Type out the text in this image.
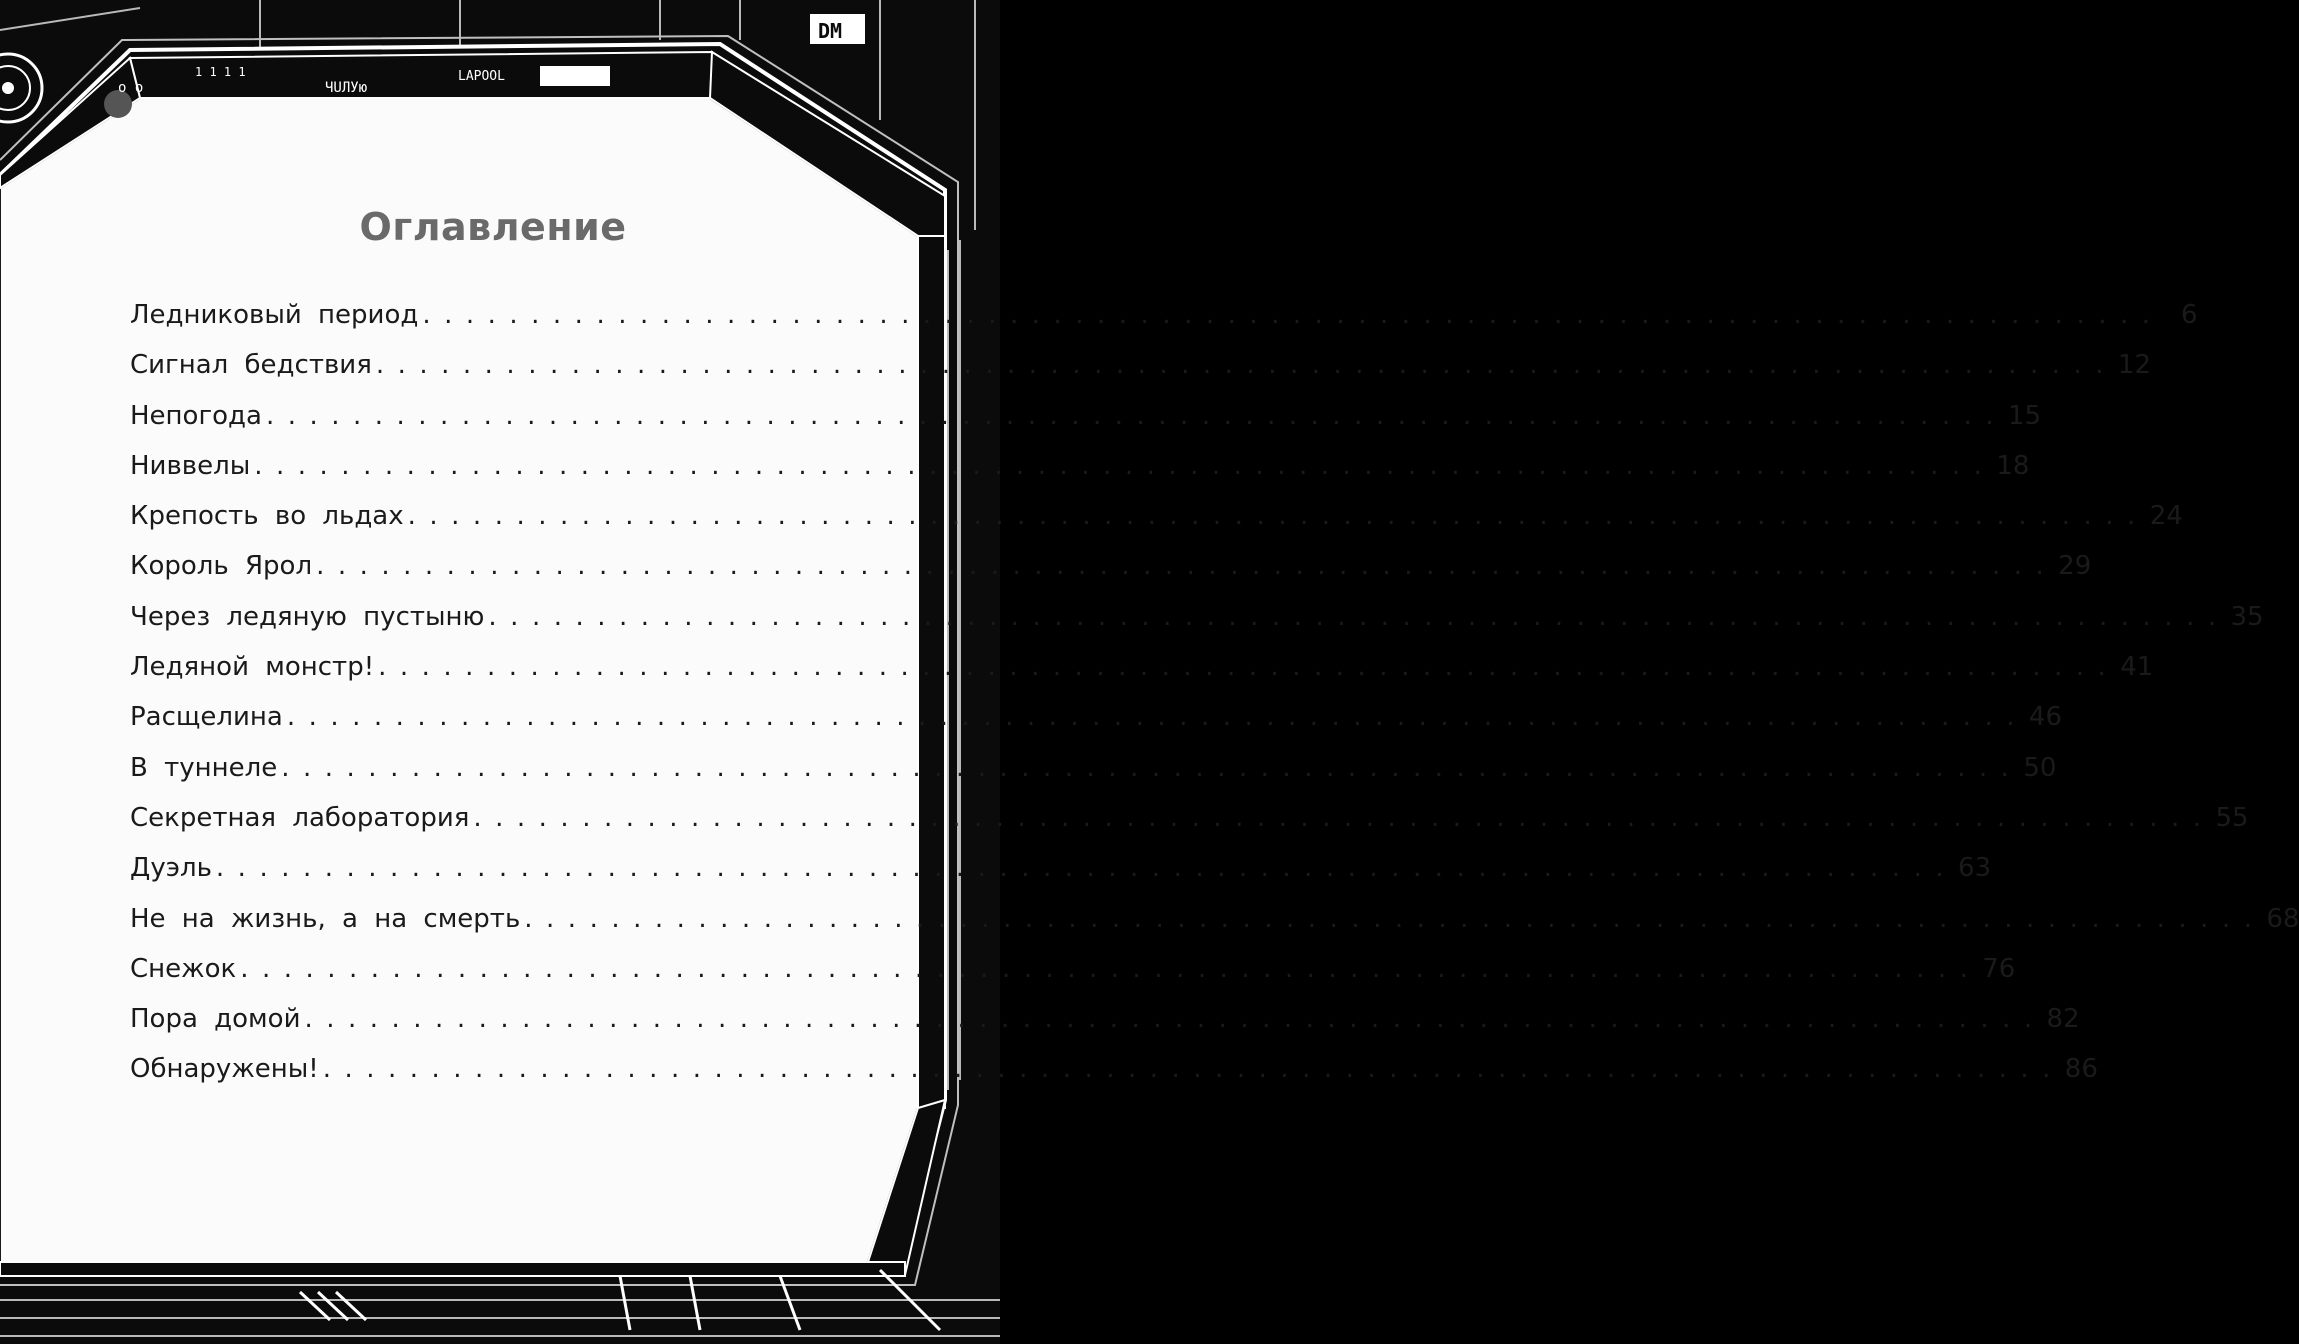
DM
1 1 1 1
o o	ЧUЛУю
LAPOOL
Оглавление
Ледниковый период ................................................................................ 6
Сигнал бедствия ................................................................................ 12
Непогода ................................................................................ 15
Ниввелы ................................................................................ 18
Крепость во льдах ................................................................................ 24
Король Ярол ................................................................................ 29
Через ледяную пустыню ................................................................................ 35
Ледяной монстр! ................................................................................ 41
Расщелина ................................................................................ 46
В туннеле ................................................................................ 50
Секретная лаборатория ................................................................................ 55
Дуэль ................................................................................ 63
Не на жизнь, а на смерть ................................................................................ 68
Снежок ................................................................................ 76
Пора домой ................................................................................ 82
Обнаружены! ................................................................................ 86
